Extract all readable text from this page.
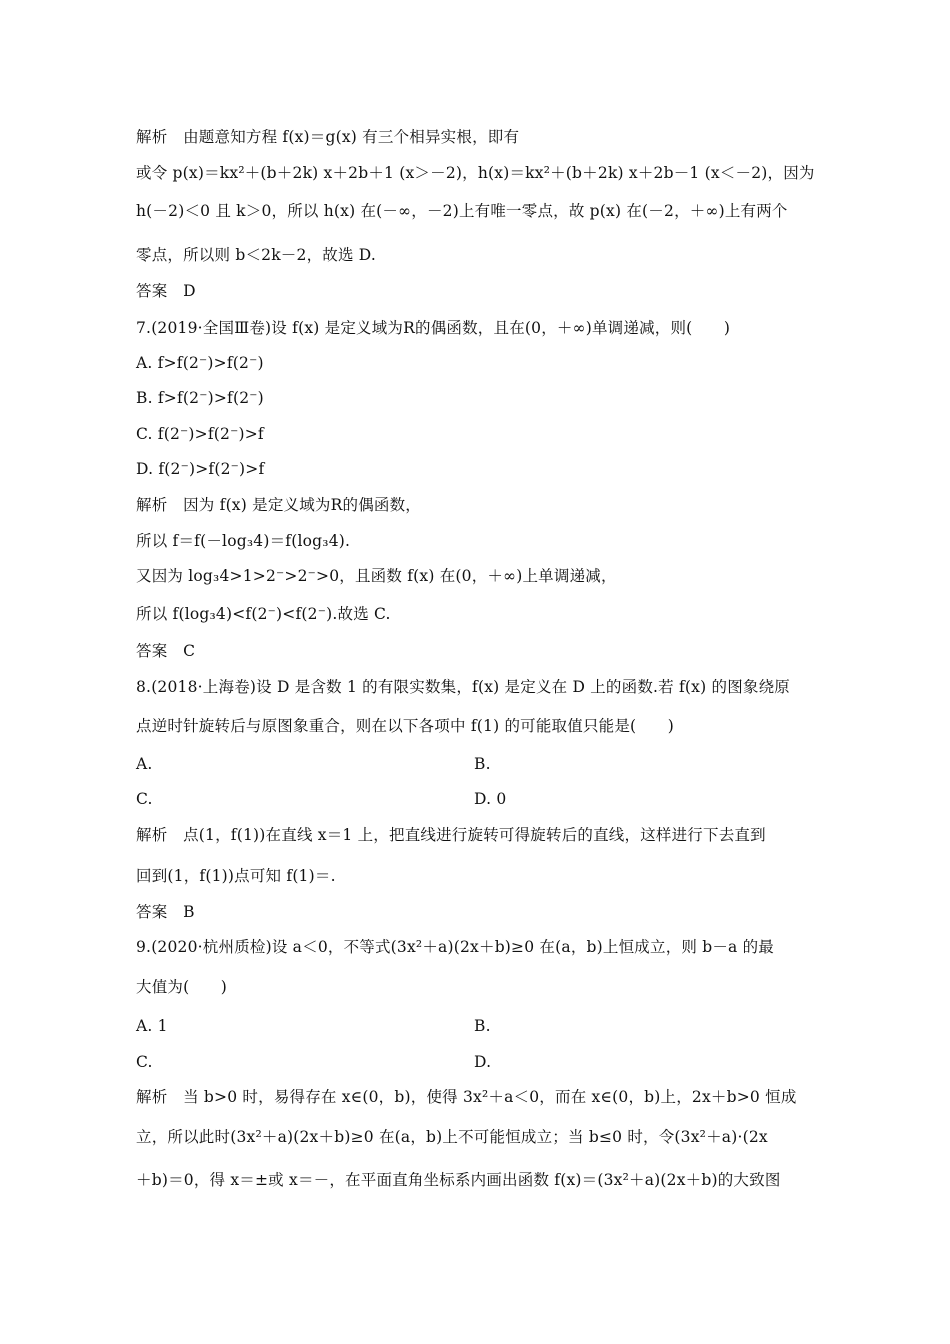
解析　由题意知方程 f(x)＝g(x) 有三个相异实根，即有
或令 p(x)＝kx²＋(b＋2k) x＋2b＋1 (x＞－2)，h(x)＝kx²＋(b＋2k) x＋2b－1 (x＜－2)，因为
h(－2)＜0 且 k＞0，所以 h(x) 在(－∞，－2)上有唯一零点，故 p(x) 在(－2，＋∞)上有两个
零点，所以则 b＜2k－2，故选 D.
答案　D
7.(2019·全国Ⅲ卷)设 f(x) 是定义域为R的偶函数，且在(0，＋∞)单调递减，则(　　)
A. f>f(2⁻)>f(2⁻)
B. f>f(2⁻)>f(2⁻)
C. f(2⁻)>f(2⁻)>f
D. f(2⁻)>f(2⁻)>f
解析　因为 f(x) 是定义域为R的偶函数，
所以 f＝f(－log₃4)＝f(log₃4).
又因为 log₃4>1>2⁻>2⁻>0，且函数 f(x) 在(0，＋∞)上单调递减，
所以 f(log₃4)<f(2⁻)<f(2⁻).故选 C.
答案　C
8.(2018·上海卷)设 D 是含数 1 的有限实数集，f(x) 是定义在 D 上的函数.若 f(x) 的图象绕原
点逆时针旋转后与原图象重合，则在以下各项中 f(1) 的可能取值只能是(　　)
A.	B.
C.	D. 0
解析　点(1，f(1))在直线 x＝1 上，把直线进行旋转可得旋转后的直线，这样进行下去直到
回到(1，f(1))点可知 f(1)＝.
答案　B
9.(2020·杭州质检)设 a＜0，不等式(3x²＋a)(2x＋b)≥0 在(a，b)上恒成立，则 b－a 的最
大值为(　　)
A. 1	B.
C.	D.
解析　当 b>0 时，易得存在 x∈(0，b)，使得 3x²＋a＜0，而在 x∈(0，b)上，2x＋b>0 恒成
立，所以此时(3x²＋a)(2x＋b)≥0 在(a，b)上不可能恒成立；当 b≤0 时，令(3x²＋a)·(2x
＋b)＝0，得 x＝±或 x＝－，在平面直角坐标系内画出函数 f(x)＝(3x²＋a)(2x＋b)的大致图
